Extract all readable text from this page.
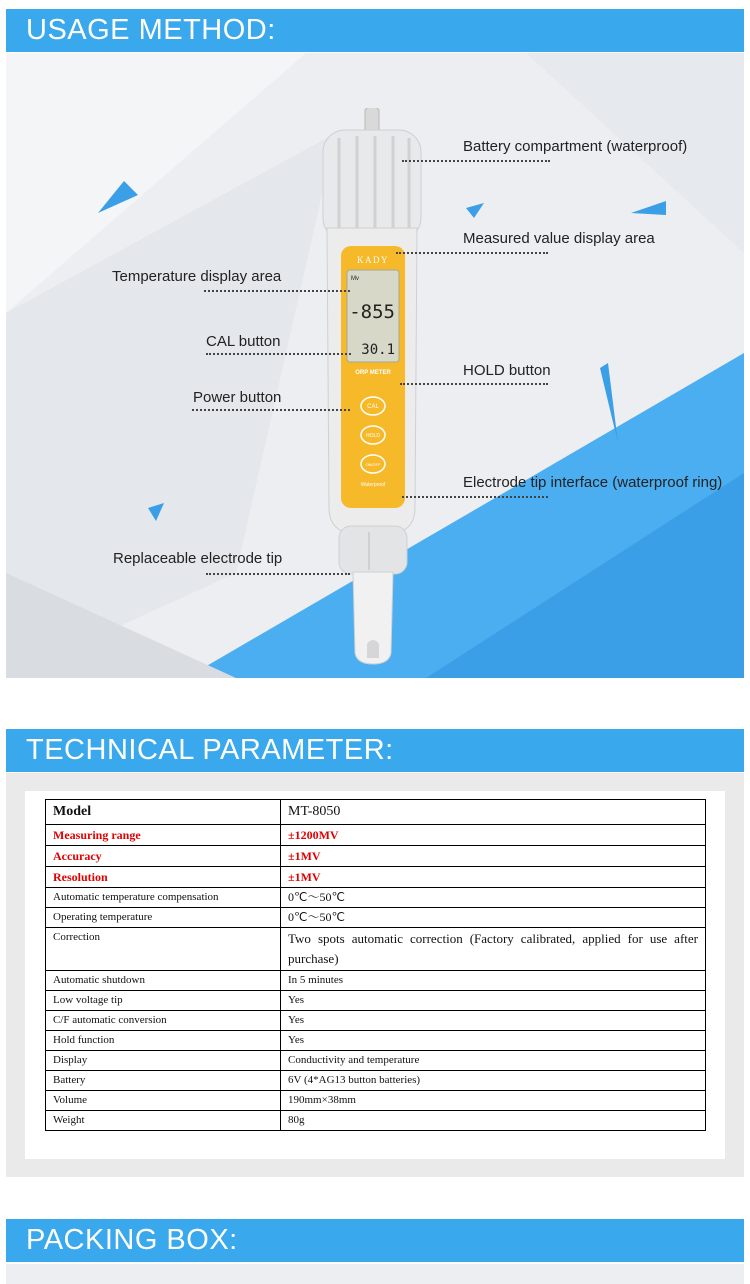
USAGE METHOD:
KADY
Mv
-855
30.1
ORP METER
CAL
HOLD
ON/OFF
Waterproof
Battery compartment (waterproof)
Measured value display area
Temperature display area
CAL button
HOLD button
Power button
Electrode tip interface (waterproof ring)
Replaceable electrode tip
TECHNICAL PARAMETER:
Model	MT-8050
Measuring range	±1200MV
Accuracy	±1MV
Resolution	±1MV
Automatic temperature compensation	0℃～50℃
Operating temperature	0℃～50℃
Correction	Two spots automatic correction (Factory calibrated, applied for use after purchase)
Automatic shutdown	In 5 minutes
Low voltage tip	Yes
C/F automatic conversion	Yes
Hold function	Yes
Display	Conductivity and temperature
Battery	6V (4*AG13 button batteries)
Volume	190mm×38mm
Weight	80g
PACKING BOX:
